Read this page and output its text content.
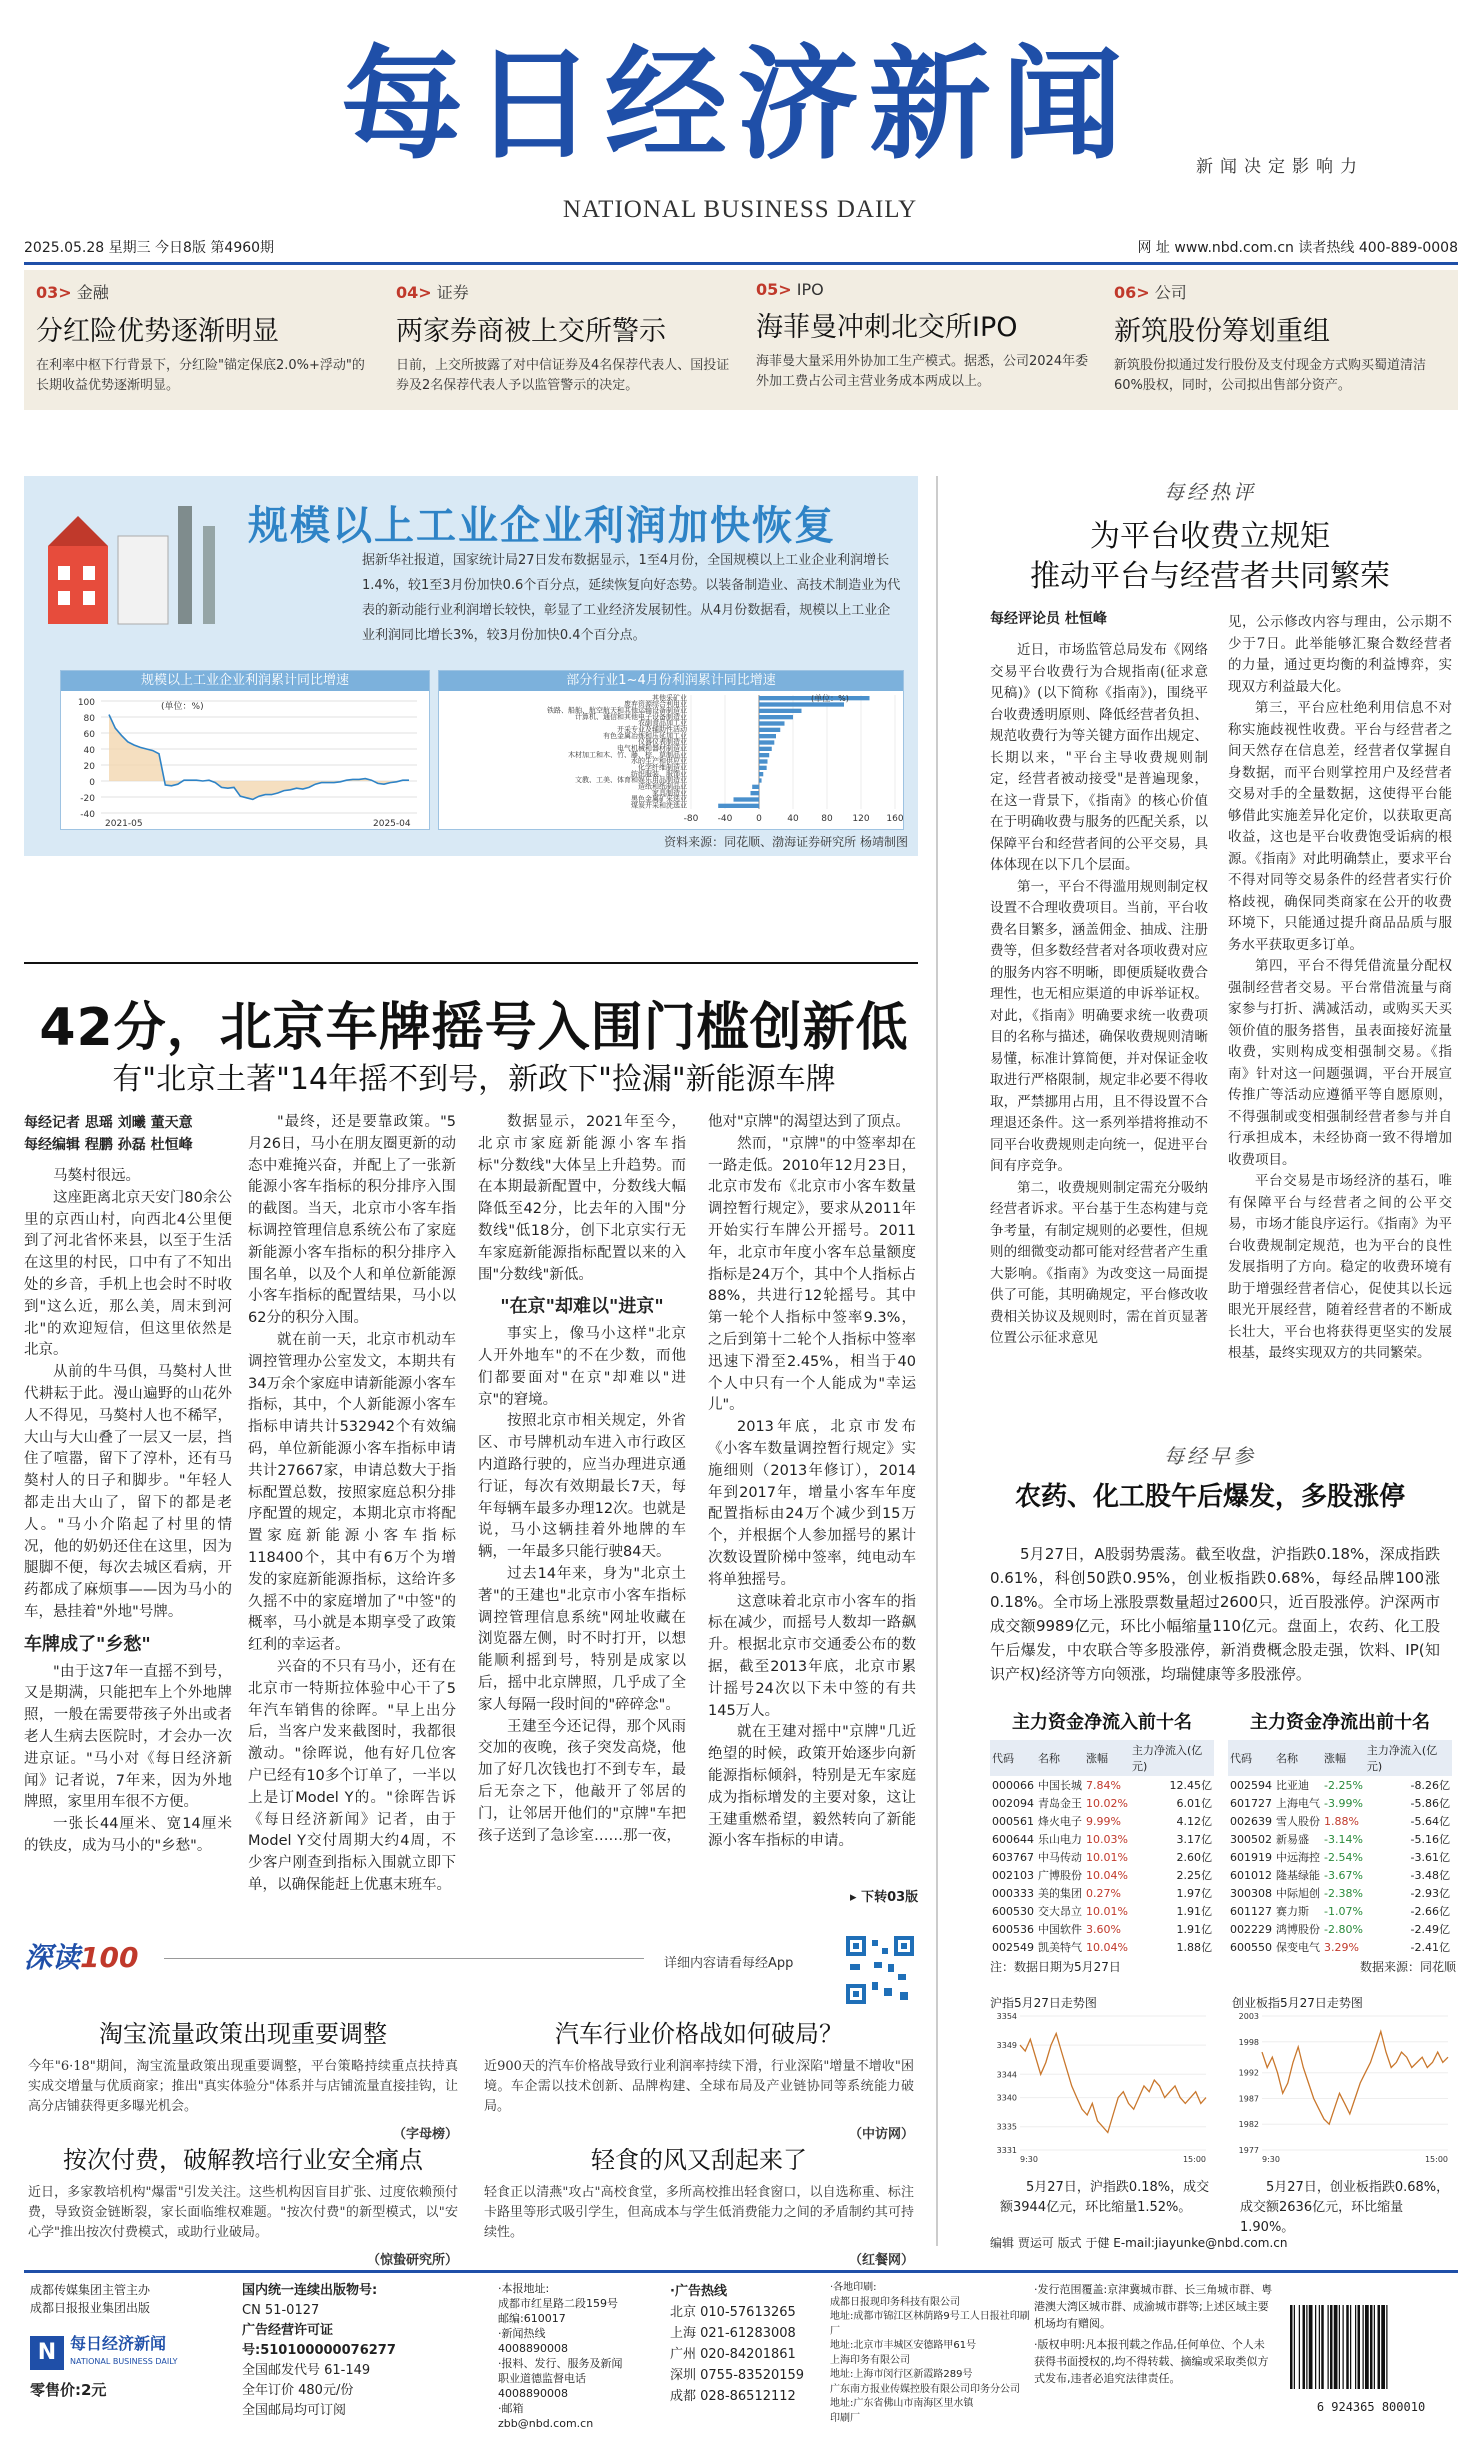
每日经济新闻
NATIONAL BUSINESS DAILY
新闻决定影响力
2025.05.28 星期三 今日8版 第4960期	网 址 www.nbd.com.cn 读者热线 400-889-0008
03> 金融
分红险优势逐渐明显
在利率中枢下行背景下，分红险"锚定保底2.0%+浮动"的长期收益优势逐渐明显。
04> 证券
两家券商被上交所警示
日前，上交所披露了对中信证券及4名保荐代表人、国投证券及2名保荐代表人予以监管警示的决定。
05> IPO
海菲曼冲刺北交所IPO
海菲曼大量采用外协加工生产模式。据悉，公司2024年委外加工费占公司主营业务成本两成以上。
06> 公司
新筑股份筹划重组
新筑股份拟通过发行股份及支付现金方式购买蜀道清洁60%股权，同时，公司拟出售部分资产。
规模以上工业企业利润加快恢复
据新华社报道，国家统计局27日发布数据显示，1至4月份，全国规模以上工业企业利润增长1.4%，较1至3月份加快0.6个百分点，延续恢复向好态势。以装备制造业、高技术制造业为代表的新动能行业利润增长较快，彰显了工业经济发展韧性。从4月份数据看，规模以上工业企业利润同比增长3%，较3月份加快0.4个百分点。
规模以上工业企业利润累计同比增速
-40
-20
0
20
40
60
80
100	(单位：%)
2021-05	2025-04
部分行业1~4月份利润累计同比增速
-80 -40	0	40	80 120 160
其他采矿业
废弃资源综合利用业
铁路、船舶、航空航天和其他运输设备制造业
计算机、通信和其他电子设备制造业
农副食品加工业
开采专业及辅助性活动
有色金属冶炼和压延加工业
仪器仪表制造业
电气机械和器材制造业
木材加工和木、竹、藤、棕、草制品业
水的生产和供应业
化学纤维制造业
纺织服装、服饰业
文教、工美、体育和娱乐用品制造业
造纸和纸制品业
家具制造业
黑色金属矿采选业
煤炭开采和洗选业
(单位：%)
资料来源：同花顺、渤海证券研究所 杨靖制图
42分，北京车牌摇号入围门槛创新低
有"北京土著"14年摇不到号，新政下"捡漏"新能源车牌
每经记者 思瑶 刘曦 董天意
每经编辑 程鹏 孙磊 杜恒峰

马獒村很远。

这座距离北京天安门80余公里的京西山村，向西北4公里便到了河北省怀来县，以至于生活在这里的村民，口中有了不知出处的乡音，手机上也会时不时收到"这么近，那么美，周末到河北"的欢迎短信，但这里依然是北京。

从前的牛马俱，马獒村人世代耕耘于此。漫山遍野的山花外人不得见，马獒村人也不稀罕，大山与大山叠了一层又一层，挡住了喧嚣，留下了淳朴，还有马獒村人的日子和脚步。"年轻人都走出大山了，留下的都是老人。"马小介陷起了村里的情况，他的奶奶还住在这里，因为腿脚不便，每次去城区看病，开药都成了麻烦事——因为马小的车，悬挂着"外地"号牌。

车牌成了"乡愁"

"由于这7年一直摇不到号，又是期满，只能把车上个外地牌照，一般在需要带孩子外出或者老人生病去医院时，才会办一次进京证。"马小对《每日经济新闻》记者说，7年来，因为外地牌照，家里用车很不方便。

一张长44厘米、宽14厘米的铁皮，成为马小的"乡愁"。

"最终，还是要靠政策。"5月26日，马小在朋友圈更新的动态中难掩兴奋，并配上了一张新能源小客车指标的积分排序入围的截图。当天，北京市小客车指标调控管理信息系统公布了家庭新能源小客车指标的积分排序入围名单，以及个人和单位新能源小客车指标的配置结果，马小以62分的积分入围。

就在前一天，北京市机动车调控管理办公室发文，本期共有34万余个家庭申请新能源小客车指标，其中，个人新能源小客车指标申请共计532942个有效编码，单位新能源小客车指标申请共计27667家，申请总数大于指标配置总数，按照家庭总积分排序配置的规定，本期北京市将配置家庭新能源小客车指标118400个，其中有6万个为增发的家庭新能源指标，这给许多久摇不中的家庭增加了"中签"的概率，马小就是本期享受了政策红利的幸运者。

兴奋的不只有马小，还有在北京市一特斯拉体验中心干了5年汽车销售的徐晖。"早上出分后，当客户发来截图时，我都很激动。"徐晖说，他有好几位客户已经有10多个订单了，一半以上是订Model Y的。"徐晖告诉《每日经济新闻》记者，由于Model Y交付周期大约4周，不少客户刚查到指标入围就立即下单，以确保能赶上优惠末班车。

数据显示，2021年至今，北京市家庭新能源小客车指标"分数线"大体呈上升趋势。而在本期最新配置中，分数线大幅降低至42分，比去年的入围"分数线"低18分，创下北京实行无车家庭新能源指标配置以来的入围"分数线"新低。

"在京"却难以"进京"

事实上，像马小这样"北京人开外地车"的不在少数，而他们都要面对"在京"却难以"进京"的窘境。

按照北京市相关规定，外省区、市号牌机动车进入市行政区内道路行驶的，应当办理进京通行证，每次有效期最长7天，每年每辆车最多办理12次。也就是说，马小这辆挂着外地牌的车辆，一年最多只能行驶84天。

过去14年来，身为"北京土著"的王建也"北京市小客车指标调控管理信息系统"网址收藏在浏览器左侧，时不时打开，以想能顺利摇到号，特别是成家以后，摇中北京牌照，几乎成了全家人每隔一段时间的"碎碎念"。

王建至今还记得，那个风雨交加的夜晚，孩子突发高烧，他加了好几次钱也打不到专车，最后无奈之下，他敲开了邻居的门，让邻居开他们的"京牌"车把孩子送到了急诊室……那一夜，

他对"京牌"的渴望达到了顶点。

然而，"京牌"的中签率却在一路走低。2010年12月23日，北京市发布《北京市小客车数量调控暂行规定》，要求从2011年开始实行车牌公开摇号。2011年，北京市年度小客车总量额度指标是24万个，其中个人指标占88%，共进行12轮摇号。其中第一轮个人指标中签率9.3%，之后到第十二轮个人指标中签率迅速下滑至2.45%，相当于40个人中只有一个人能成为"幸运儿"。

2013年底，北京市发布《小客车数量调控暂行规定》实施细则（2013年修订），2014年到2017年，增量小客车年度配置指标由24万个减少到15万个，并根据个人参加摇号的累计次数设置阶梯中签率，纯电动车将单独摇号。

这意味着北京市小客车的指标在减少，而摇号人数却一路飙升。根据北京市交通委公布的数据，截至2013年底，北京市累计摇号24次以下未中签的有共145万人。

就在王建对摇中"京牌"几近绝望的时候，政策开始逐步向新能源指标倾斜，特别是无车家庭成为指标增发的主要对象，这让王建重燃希望，毅然转向了新能源小客车指标的申请。

▸ 下转03版
深读100	详细内容请看每经App
淘宝流量政策出现重要调整
今年"6·18"期间，淘宝流量政策出现重要调整，平台策略持续重点扶持真实成交增量与优质商家；推出"真实体验分"体系并与店铺流量直接挂钩，让高分店铺获得更多曝光机会。
（字母榜）
汽车行业价格战如何破局？
近900天的汽车价格战导致行业利润率持续下滑，行业深陷"增量不增收"困境。车企需以技术创新、品牌构建、全球布局及产业链协同等系统能力破局。
（中访网）
按次付费，破解教培行业安全痛点
近日，多家教培机构"爆雷"引发关注。这些机构因盲目扩张、过度依赖预付费，导致资金链断裂，家长面临维权难题。"按次付费"的新型模式，以"安心学"推出按次付费模式，或助行业破局。
（惊蛰研究所）
轻食的风又刮起来了
轻食正以清燕"攻占"高校食堂，多所高校推出轻食窗口，以自选称重、标注卡路里等形式吸引学生，但高成本与学生低消费能力之间的矛盾制约其可持续性。
（红餐网）
每经热评
为平台收费立规矩
推动平台与经营者共同繁荣
每经评论员 杜恒峰

近日，市场监管总局发布《网络交易平台收费行为合规指南(征求意见稿)》(以下简称《指南》)，围绕平台收费透明原则、降低经营者负担、规范收费行为等关键方面作出规定、长期以来，"平台主导收费规则制定，经营者被动接受"是普遍现象，在这一背景下，《指南》的核心价值在于明确收费与服务的匹配关系，以保障平台和经营者间的公平交易，具体体现在以下几个层面。

第一，平台不得滥用规则制定权设置不合理收费项目。当前，平台收费名目繁多，涵盖佣金、抽成、注册费等，但多数经营者对各项收费对应的服务内容不明晰，即便质疑收费合理性，也无相应渠道的申诉举证权。对此，《指南》明确要求统一收费项目的名称与描述，确保收费规则清晰易懂，标准计算简便，并对保证金收取进行严格限制，规定非必要不得收取，严禁挪用占用，且不得设置不合理退还条件。这一系列举措将推动不同平台收费规则走向统一，促进平台间有序竞争。

第二，收费规则制定需充分吸纳经营者诉求。平台基于生态构建与竞争考量，有制定规则的必要性，但规则的细微变动都可能对经营者产生重大影响。《指南》为改变这一局面提供了可能，其明确规定，平台修改收费相关协议及规则时，需在首页显著位置公示征求意见

见，公示修改内容与理由，公示期不少于7日。此举能够汇聚合数经营者的力量，通过更均衡的利益博弈，实现双方利益最大化。

第三，平台应杜绝利用信息不对称实施歧视性收费。平台与经营者之间天然存在信息差，经营者仅掌握自身数据，而平台则掌控用户及经营者交易对手的全量数据，这使得平台能够借此实施差异化定价，以获取更高收益，这也是平台收费饱受诟病的根源。《指南》对此明确禁止，要求平台不得对同等交易条件的经营者实行价格歧视，确保同类商家在公开的收费环境下，只能通过提升商品品质与服务水平获取更多订单。

第四，平台不得凭借流量分配权强制经营者交易。平台常借流量与商家参与打折、满减活动，或购买天买领价值的服务搭售，虽表面接好流量收费，实则构成变相强制交易。《指南》针对这一问题强调，平台开展宣传推广等活动应遵循平等自愿原则，不得强制或变相强制经营者参与并自行承担成本，未经协商一致不得增加收费项目。

平台交易是市场经济的基石，唯有保障平台与经营者之间的公平交易，市场才能良序运行。《指南》为平台收费规制定规范，也为平台的良性发展指明了方向。稳定的收费环境有助于增强经营者信心，促使其以长远眼光开展经营，随着经营者的不断成长壮大，平台也将获得更坚实的发展根基，最终实现双方的共同繁荣。

每经早参
农药、化工股午后爆发，多股涨停
5月27日，A股弱势震荡。截至收盘，沪指跌0.18%，深成指跌0.61%，科创50跌0.95%，创业板指跌0.68%，每经品牌100涨0.18%。全市场上涨股票数量超过2600只，近百股涨停。沪深两市成交额9989亿元，环比小幅缩量110亿元。盘面上，农药、化工股午后爆发，中农联合等多股涨停，新消费概念股走强，饮料、IP(知识产权)经济等方向领涨，均瑞健康等多股涨停。
主力资金净流入前十名
代码	名称	涨幅	主力净流入(亿元)
000066	中国长城	7.84%	12.45亿
002094	青岛金王	10.02%	6.01亿
000561	烽火电子	9.99%	4.12亿
600644	乐山电力	10.03%	3.17亿
603767	中马传动	10.01%	2.60亿
002103	广博股份	10.04%	2.25亿
000333	美的集团	0.27%	1.97亿
600530	交大昂立	10.01%	1.91亿
600536	中国软件	3.60%	1.91亿
002549	凯美特气	10.04%	1.88亿
主力资金净流出前十名
代码	名称	涨幅	主力净流入(亿元)
002594	比亚迪	-2.25%	-8.26亿
601727	上海电气	-3.99%	-5.86亿
002639	雪人股份	1.88%	-5.64亿
300502	新易盛	-3.14%	-5.16亿
601919	中远海控	-2.54%	-3.61亿
601012	隆基绿能	-3.67%	-3.48亿
300308	中际旭创	-2.38%	-2.93亿
601127	赛力斯	-1.07%	-2.66亿
002229	鸿博股份	-2.80%	-2.49亿
600550	保变电气	3.29%	-2.41亿
注：数据日期为5月27日	数据来源：同花顺
沪指5月27日走势图
3354
3349
3344
3340
3335
3331
9:30	15:00
创业板指5月27日走势图
2003
1998
1992
1987
1982
1977
9:30	15:00
5月27日，沪指跌0.18%，成交额3944亿元，环比缩量1.52%。
5月27日，创业板指跌0.68%，成交额2636亿元，环比缩量1.90%。
编辑 贾运可 版式 于健 E-mail:jiayunke@nbd.com.cn
成都传媒集团主管主办
成都日报报业集团出版
N 每日经济新闻
NATIONAL BUSINESS DAILY
零售价:2元
国内统一连续出版物号:
CN 51-0127
广告经营许可证号:510100000076277
全国邮发代号 61-149
全年订价 480元/份
全国邮局均可订阅
·本报地址:
成都市红星路二段159号
邮编:610017
·新闻热线
4008890008
·报料、发行、服务及新闻
职业道德监督电话
4008890008
·邮箱
zbb@nbd.com.cn
·广告热线
北京 010-57613265
上海 021-61283008
广州 020-84201861
深圳 0755-83520159
成都 028-86512112
·各地印刷:
成都日报现印务科技有限公司
地址:成都市锦江区林荫路9号工人日报社印刷厂
地址:北京市丰城区安德路甲61号
上海印务有限公司
地址:上海市闵行区新霞路289号
广东南方报业传媒控股有限公司印务分公司
地址:广东省佛山市南海区里水镇
印刷厂
·发行范围覆盖:京津冀城市群、长三角城市群、粤港澳大湾区城市群、成渝城市群等;上述区域主要机场均有赠阅。
·版权申明:凡本报刊载之作品,任何单位、个人未获得书面授权的,均不得转载、摘编或采取类似方式发布,违者必追究法律责任。
6 924365 800010
